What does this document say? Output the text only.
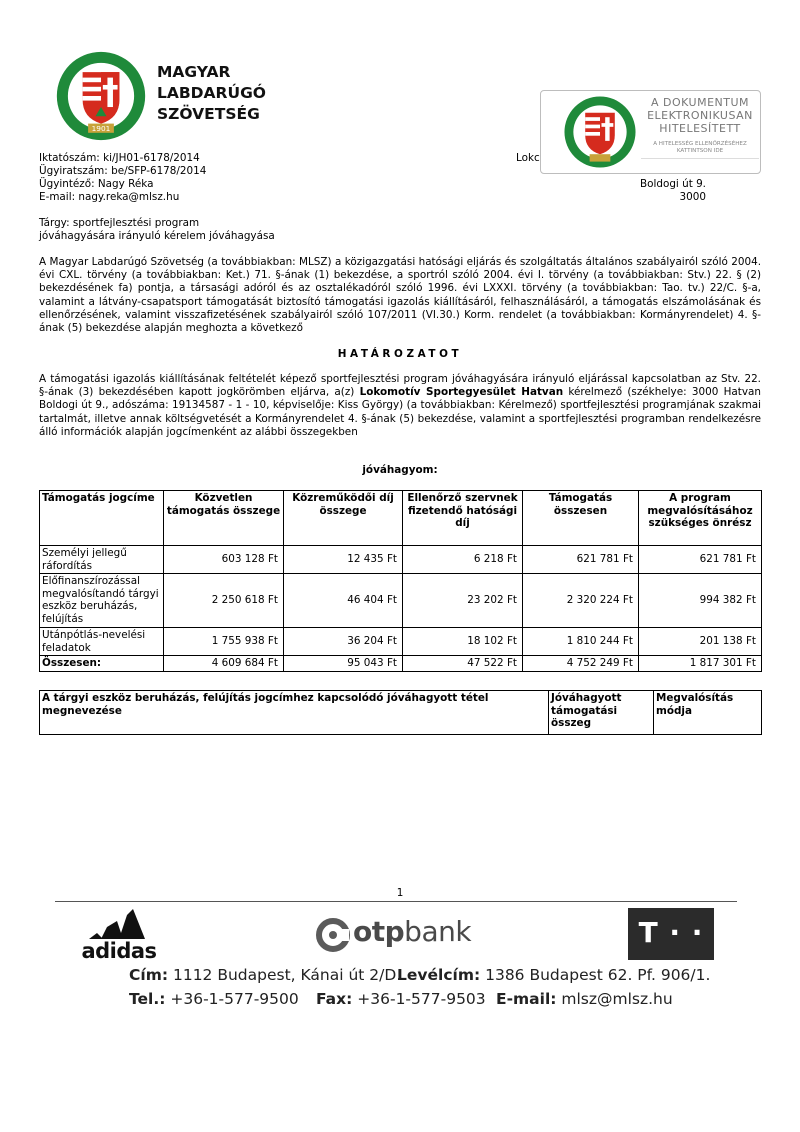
1901
MAGYAR
LABDARÚGÓ
SZÖVETSÉG
A DOKUMENTUM
ELEKTRONIKUSAN
HITELESÍTETT
A HITELESSÉG ELLENŐRZÉSÉHEZ KATTINTSON IDE

Iktatószám: ki/JH01-6178/2014
Ügyiratszám: be/SFP-6178/2014
Ügyintéző: Nagy Réka
E-mail: nagy.reka@mlsz.hu
Lokc
Boldogi út 9.
3000
Tárgy: sportfejlesztési program
jóváhagyására irányuló kérelem jóváhagyása
A Magyar Labdarúgó Szövetség (a továbbiakban: MLSZ) a közigazgatási hatósági eljárás és szolgáltatás általános szabályairól szóló 2004. évi CXL. törvény (a továbbiakban: Ket.) 71. §-ának (1) bekezdése, a sportról szóló 2004. évi I. törvény (a továbbiakban: Stv.) 22. § (2) bekezdésének fa) pontja, a társasági adóról és az osztalékadóról szóló 1996. évi LXXXI. törvény (a továbbiakban: Tao. tv.) 22/C. §-a, valamint a látvány-csapatsport támogatását biztosító támogatási igazolás kiállításáról, felhasználásáról, a támogatás elszámolásának és ellenőrzésének, valamint visszafizetésének szabályairól szóló 107/2011 (VI.30.) Korm. rendelet (a továbbiakban: Kormányrendelet) 4. §-ának (5) bekezdése alapján meghozta a következő
HATÁROZATOT
A támogatási igazolás kiállításának feltételét képező sportfejlesztési program jóváhagyására irányuló eljárással kapcsolatban az Stv. 22. §-ának (3) bekezdésében kapott jogkörömben eljárva, a(z) Lokomotív Sportegyesület Hatvan kérelmező (székhelye: 3000 Hatvan Boldogi út 9., adószáma: 19134587 - 1 - 10, képviselője: Kiss György) (a továbbiakban: Kérelmező) sportfejlesztési programjának szakmai tartalmát, illetve annak költségvetését a Kormányrendelet 4. §-ának (5) bekezdése, valamint a sportfejlesztési programban rendelkezésre álló információk alapján jogcímenként az alábbi összegekben
jóváhagyom:
Támogatás jogcíme	Közvetlen támogatás összege	Közreműködői díj összege	Ellenőrző szervnek fizetendő hatósági díj	Támogatás összesen	A program megvalósításához szükséges önrész
Személyi jellegű ráfordítás	603 128 Ft	12 435 Ft	6 218 Ft	621 781 Ft	621 781 Ft
Előfinanszírozással megvalósítandó tárgyi eszköz beruházás, felújítás	2 250 618 Ft	46 404 Ft	23 202 Ft	2 320 224 Ft	994 382 Ft
Utánpótlás-nevelési feladatok	1 755 938 Ft	36 204 Ft	18 102 Ft	1 810 244 Ft	201 138 Ft
Összesen:	4 609 684 Ft	95 043 Ft	47 522 Ft	4 752 249 Ft	1 817 301 Ft
A tárgyi eszköz beruházás, felújítás jogcímhez kapcsolódó jóváhagyott tétel megnevezése	Jóváhagyott támogatási összeg	Megvalósítás módja
1
adidas
otpbank	T · ·
Cím: 1112 Budapest, Kánai út 2/D.
Levélcím: 1386 Budapest 62. Pf. 906/1.
Tel.: +36-1-577-9500 Fax: +36-1-577-9503 E-mail: mlsz@mlsz.hu
